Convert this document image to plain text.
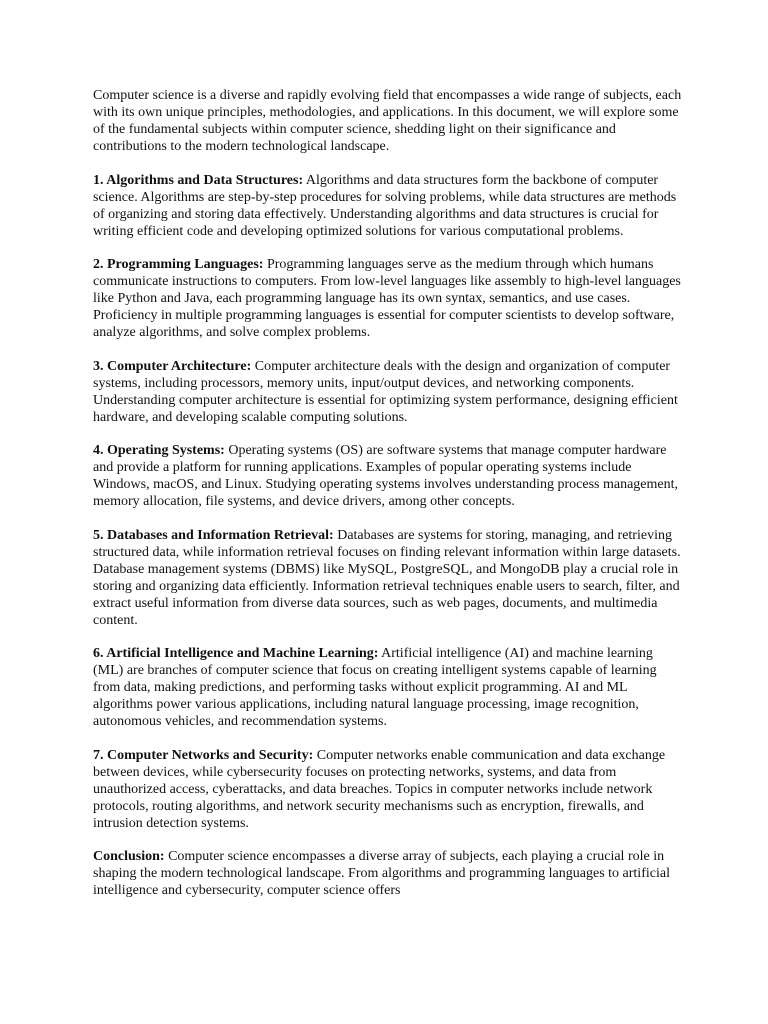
Computer science is a diverse and rapidly evolving field that encompasses a wide range of subjects, each with its own unique principles, methodologies, and applications. In this document, we will explore some of the fundamental subjects within computer science, shedding light on their significance and contributions to the modern technological landscape.

1. Algorithms and Data Structures: Algorithms and data structures form the backbone of computer science. Algorithms are step-by-step procedures for solving problems, while data structures are methods of organizing and storing data effectively. Understanding algorithms and data structures is crucial for writing efficient code and developing optimized solutions for various computational problems.

2. Programming Languages: Programming languages serve as the medium through which humans communicate instructions to computers. From low-level languages like assembly to high-level languages like Python and Java, each programming language has its own syntax, semantics, and use cases. Proficiency in multiple programming languages is essential for computer scientists to develop software, analyze algorithms, and solve complex problems.

3. Computer Architecture: Computer architecture deals with the design and organization of computer systems, including processors, memory units, input/output devices, and networking components. Understanding computer architecture is essential for optimizing system performance, designing efficient hardware, and developing scalable computing solutions.

4. Operating Systems: Operating systems (OS) are software systems that manage computer hardware and provide a platform for running applications. Examples of popular operating systems include Windows, macOS, and Linux. Studying operating systems involves understanding process management, memory allocation, file systems, and device drivers, among other concepts.

5. Databases and Information Retrieval: Databases are systems for storing, managing, and retrieving structured data, while information retrieval focuses on finding relevant information within large datasets. Database management systems (DBMS) like MySQL, PostgreSQL, and MongoDB play a crucial role in storing and organizing data efficiently. Information retrieval techniques enable users to search, filter, and extract useful information from diverse data sources, such as web pages, documents, and multimedia content.

6. Artificial Intelligence and Machine Learning: Artificial intelligence (AI) and machine learning (ML) are branches of computer science that focus on creating intelligent systems capable of learning from data, making predictions, and performing tasks without explicit programming. AI and ML algorithms power various applications, including natural language processing, image recognition, autonomous vehicles, and recommendation systems.

7. Computer Networks and Security: Computer networks enable communication and data exchange between devices, while cybersecurity focuses on protecting networks, systems, and data from unauthorized access, cyberattacks, and data breaches. Topics in computer networks include network protocols, routing algorithms, and network security mechanisms such as encryption, firewalls, and intrusion detection systems.

Conclusion: Computer science encompasses a diverse array of subjects, each playing a crucial role in shaping the modern technological landscape. From algorithms and programming languages to artificial intelligence and cybersecurity, computer science offers
